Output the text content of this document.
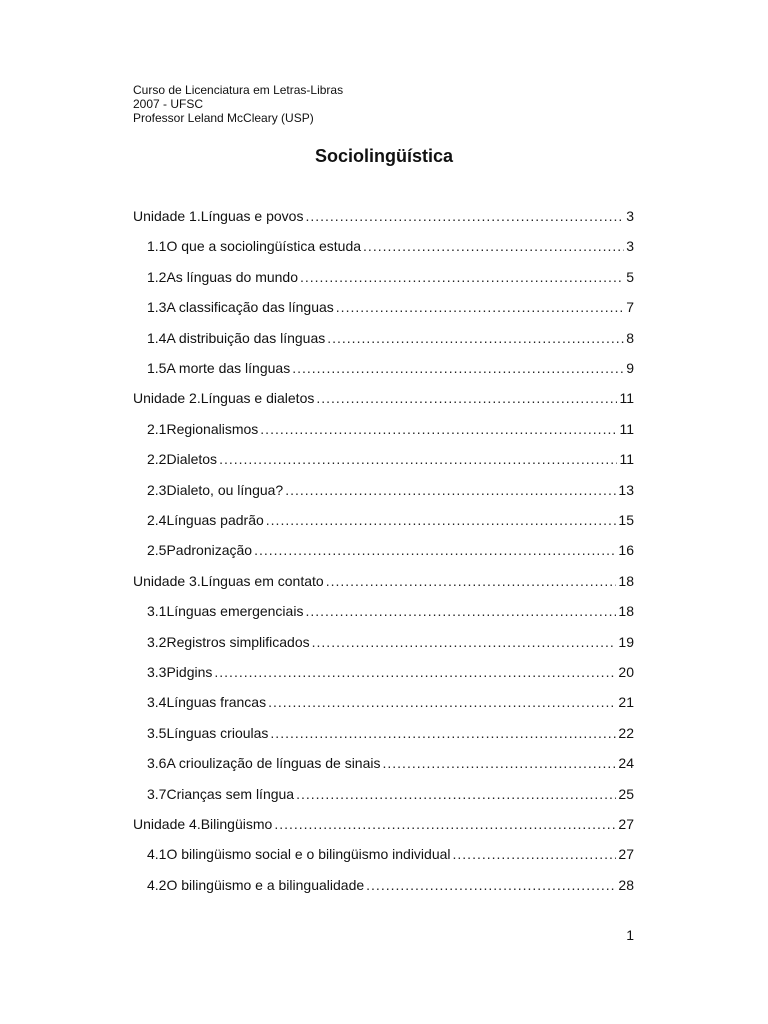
Curso de Licenciatura em Letras-Libras
2007 - UFSC
Professor Leland McCleary (USP)
Sociolingüística
Unidade 1. Línguas e povos .....	3
1.1 O que a sociolingüística estuda .....	3
1.2 As línguas do mundo .....	5
1.3 A classificação das línguas .....	7
1.4 A distribuição das línguas .....	8
1.5 A morte das línguas .....	9
Unidade 2. Línguas e dialetos .....	11
2.1 Regionalismos .....	11
2.2 Dialetos .....	11
2.3 Dialeto, ou língua? .....	13
2.4 Línguas padrão .....	15
2.5 Padronização .....	16
Unidade 3. Línguas em contato .....	18
3.1 Línguas emergenciais .....	18
3.2 Registros simplificados .....	19
3.3 Pidgins .....	20
3.4 Línguas francas .....	21
3.5 Línguas crioulas .....	22
3.6 A crioulização de línguas de sinais .....	24
3.7 Crianças sem língua .....	25
Unidade 4. Bilingüismo .....	27
4.1 O bilingüismo social e o bilingüismo individual .....	27
4.2 O bilingüismo e a bilingualidade .....	28
1
